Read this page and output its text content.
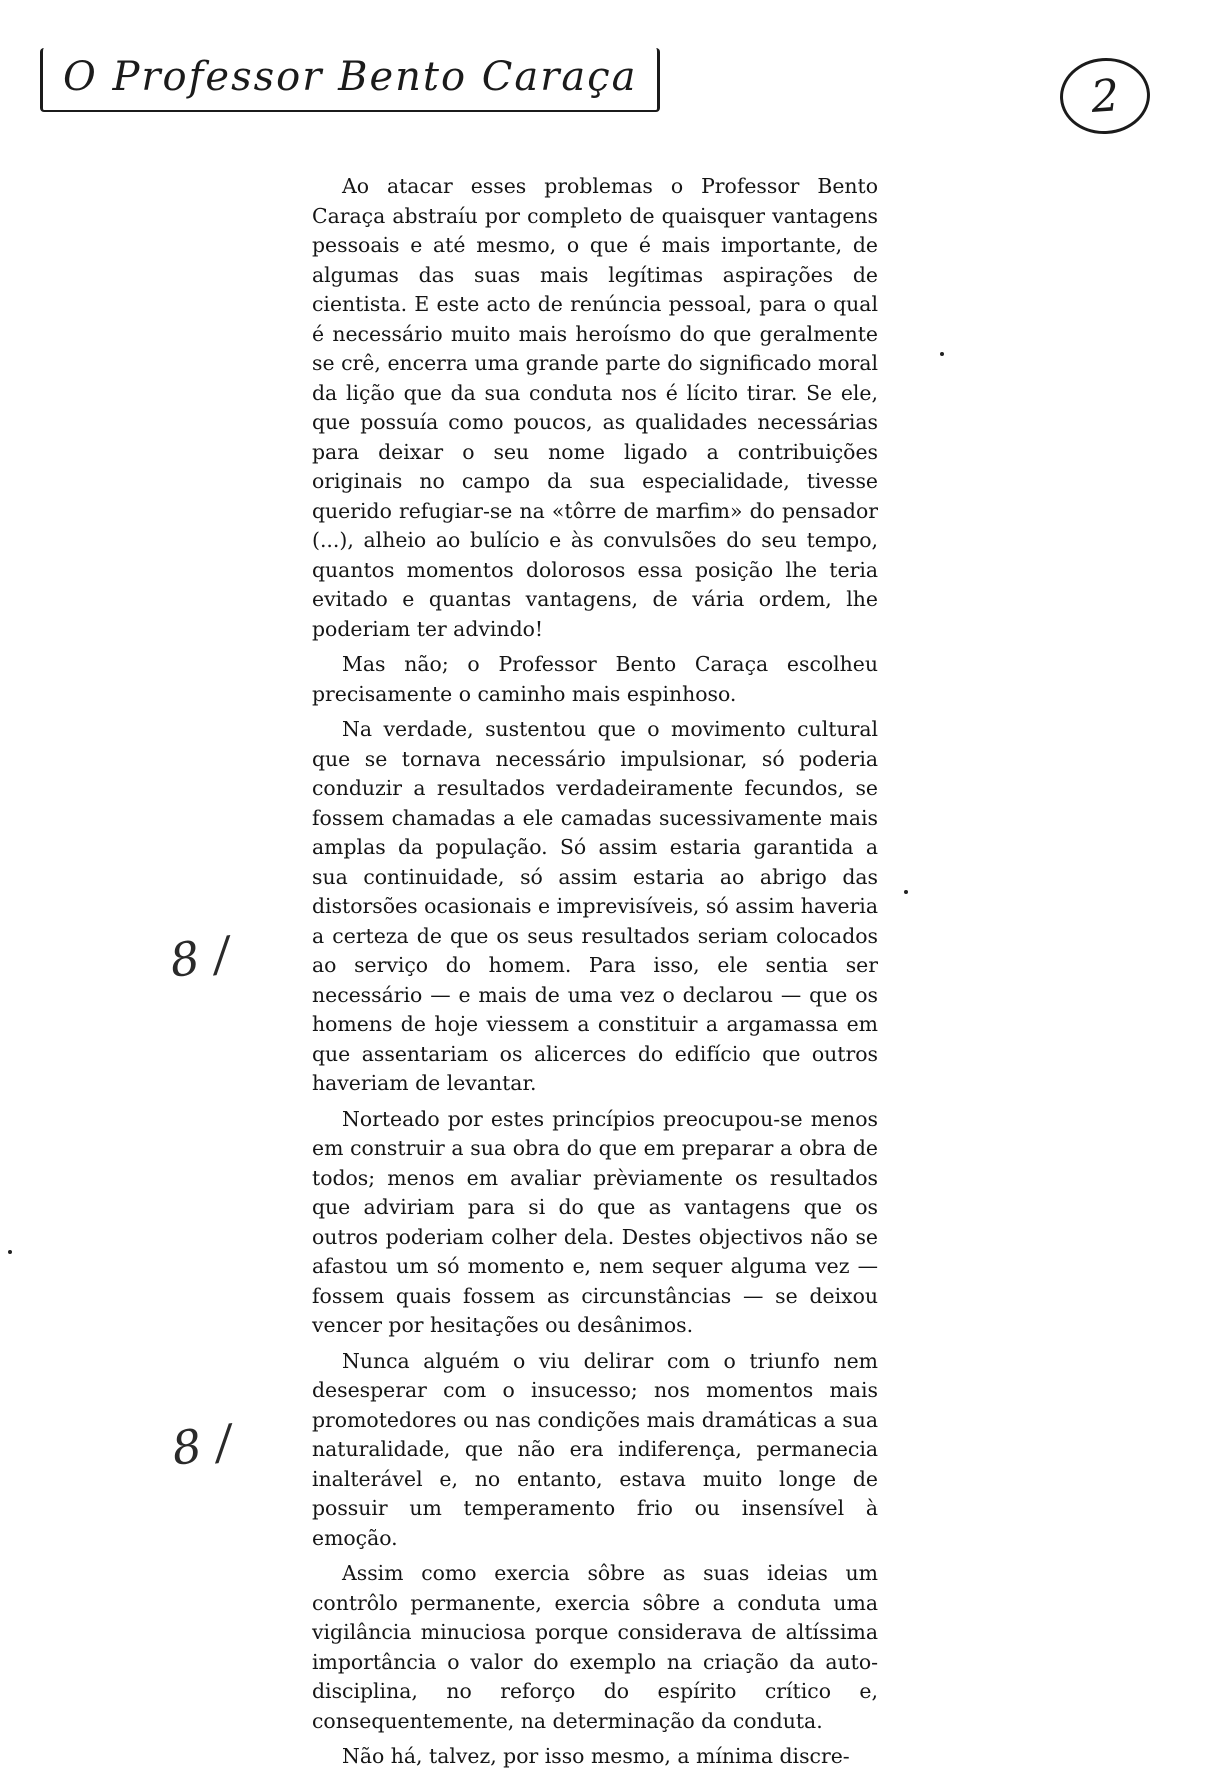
O Professor Bento Caraça	2
8 /
8 /

Ao atacar esses problemas o Professor Bento Caraça abstraíu por completo de quaisquer vantagens pessoais e até mesmo, o que é mais importante, de algumas das suas mais legítimas aspirações de cientista. E este acto de renúncia pessoal, para o qual é necessário muito mais heroísmo do que geralmente se crê, encerra uma grande parte do significado moral da lição que da sua conduta nos é lícito tirar. Se ele, que possuía como poucos, as qualidades necessárias para deixar o seu nome ligado a contribuições originais no campo da sua especialidade, tivesse querido refugiar-se na «tôrre de marfim» do pensador (...), alheio ao bulício e às convulsões do seu tempo, quantos momentos dolorosos essa posição lhe teria evitado e quantas vantagens, de vária ordem, lhe poderiam ter advindo!

Mas não; o Professor Bento Caraça escolheu precisamente o caminho mais espinhoso.

Na verdade, sustentou que o movimento cultural que se tornava necessário impulsionar, só poderia conduzir a resultados verdadeiramente fecundos, se fossem chamadas a ele camadas sucessivamente mais amplas da população. Só assim estaria garantida a sua continuidade, só assim estaria ao abrigo das distorsões ocasionais e imprevisíveis, só assim haveria a certeza de que os seus resultados seriam colocados ao serviço do homem. Para isso, ele sentia ser necessário — e mais de uma vez o declarou — que os homens de hoje viessem a constituir a argamassa em que assentariam os alicerces do edifício que outros haveriam de levantar.

Norteado por estes princípios preocupou-se menos em construir a sua obra do que em preparar a obra de todos; menos em avaliar prèviamente os resultados que adviriam para si do que as vantagens que os outros poderiam colher dela. Destes objectivos não se afastou um só momento e, nem sequer alguma vez — fossem quais fossem as circunstâncias — se deixou vencer por hesitações ou desânimos.

Nunca alguém o viu delirar com o triunfo nem desesperar com o insucesso; nos momentos mais promotedores ou nas condições mais dramáticas a sua naturalidade, que não era indiferença, permanecia inalterável e, no entanto, estava muito longe de possuir um temperamento frio ou insensível à emoção.

Assim como exercia sôbre as suas ideias um contrôlo permanente, exercia sôbre a conduta uma vigilância minuciosa porque considerava de altíssima importância o valor do exemplo na criação da auto-disciplina, no reforço do espírito crítico e, consequentemente, na determinação da conduta.

Não há, talvez, por isso mesmo, a mínima discre-
